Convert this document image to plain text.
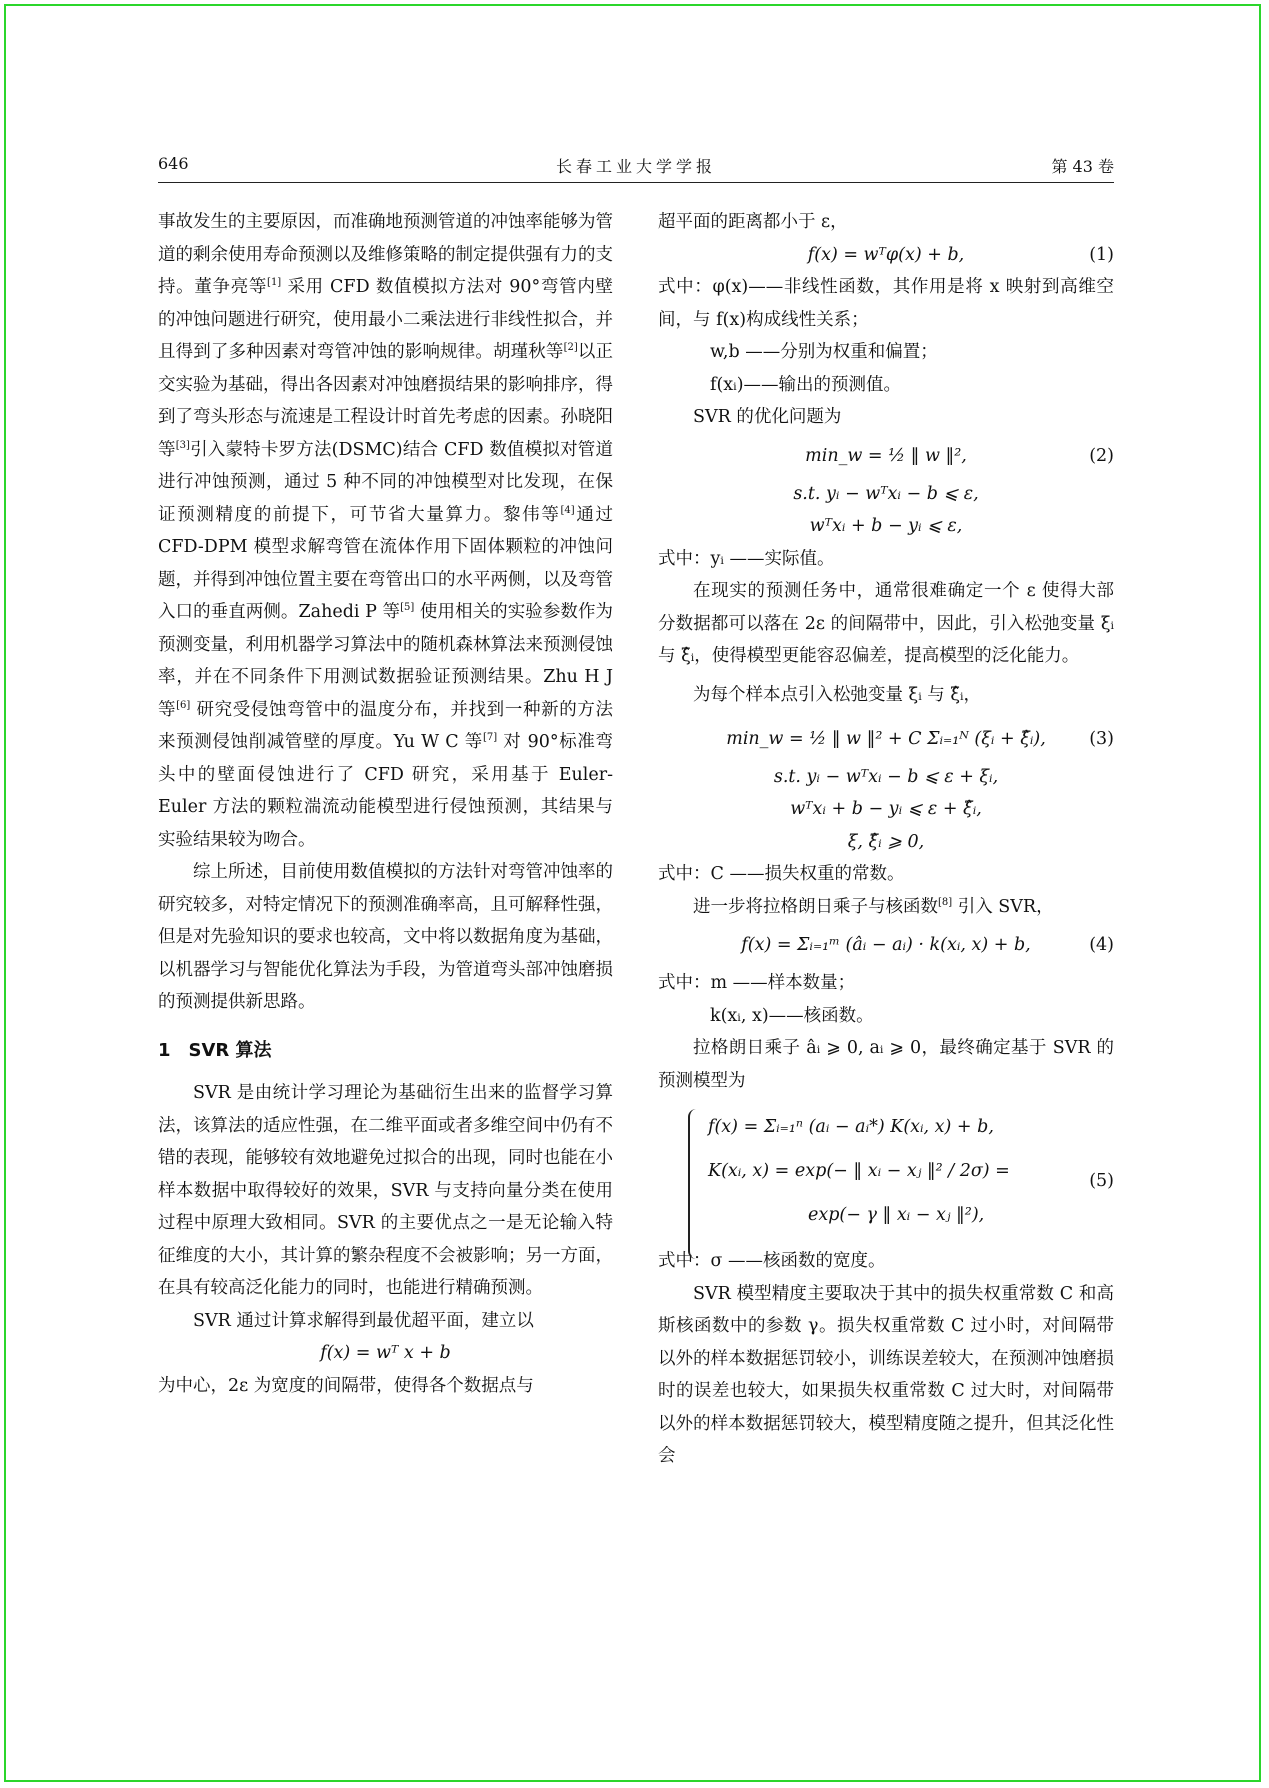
646	长春工业大学学报	第 43 卷

事故发生的主要原因，而准确地预测管道的冲蚀率能够为管道的剩余使用寿命预测以及维修策略的制定提供强有力的支持。董争亮等[1] 采用 CFD 数值模拟方法对 90°弯管内壁的冲蚀问题进行研究，使用最小二乘法进行非线性拟合，并且得到了多种因素对弯管冲蚀的影响规律。胡瑾秋等[2]以正交实验为基础，得出各因素对冲蚀磨损结果的影响排序，得到了弯头形态与流速是工程设计时首先考虑的因素。孙晓阳等[3]引入蒙特卡罗方法(DSMC)结合 CFD 数值模拟对管道进行冲蚀预测，通过 5 种不同的冲蚀模型对比发现，在保证预测精度的前提下，可节省大量算力。黎伟等[4]通过 CFD-DPM 模型求解弯管在流体作用下固体颗粒的冲蚀问题，并得到冲蚀位置主要在弯管出口的水平两侧，以及弯管入口的垂直两侧。Zahedi P 等[5] 使用相关的实验参数作为预测变量，利用机器学习算法中的随机森林算法来预测侵蚀率，并在不同条件下用测试数据验证预测结果。Zhu H J 等[6] 研究受侵蚀弯管中的温度分布，并找到一种新的方法来预测侵蚀削减管壁的厚度。Yu W C 等[7] 对 90°标准弯头中的壁面侵蚀进行了 CFD 研究，采用基于 Euler-Euler 方法的颗粒湍流动能模型进行侵蚀预测，其结果与实验结果较为吻合。

综上所述，目前使用数值模拟的方法针对弯管冲蚀率的研究较多，对特定情况下的预测准确率高，且可解释性强，但是对先验知识的要求也较高，文中将以数据角度为基础，以机器学习与智能优化算法为手段，为管道弯头部冲蚀磨损的预测提供新思路。

1　SVR 算法

SVR 是由统计学习理论为基础衍生出来的监督学习算法，该算法的适应性强，在二维平面或者多维空间中仍有不错的表现，能够较有效地避免过拟合的出现，同时也能在小样本数据中取得较好的效果，SVR 与支持向量分类在使用过程中原理大致相同。SVR 的主要优点之一是无论输入特征维度的大小，其计算的繁杂程度不会被影响；另一方面，在具有较高泛化能力的同时，也能进行精确预测。

SVR 通过计算求解得到最优超平面，建立以

f(x) = wᵀ x + b

为中心，2ε 为宽度的间隔带，使得各个数据点与

超平面的距离都小于 ε，

f(x) = wᵀφ(x) + b,	(1)

式中：φ(x)——非线性函数，其作用是将 x 映射到高维空间，与 f(x)构成线性关系；

w,b ——分别为权重和偏置；

f(xᵢ)——输出的预测值。

SVR 的优化问题为

min_w = ½ ‖ w ‖²,	(2)
s.t. yᵢ − wᵀxᵢ − b ⩽ ε,
wᵀxᵢ + b − yᵢ ⩽ ε,

式中：yᵢ ——实际值。

在现实的预测任务中，通常很难确定一个 ε 使得大部分数据都可以落在 2ε 的间隔带中，因此，引入松弛变量 ξᵢ 与 ξ̂ᵢ，使得模型更能容忍偏差，提高模型的泛化能力。

为每个样本点引入松弛变量 ξᵢ 与 ξ̂ᵢ，

min_w = ½ ‖ w ‖² + C Σᵢ₌₁ᴺ (ξᵢ + ξ̂ᵢ), (3)
s.t. yᵢ − wᵀxᵢ − b ⩽ ε + ξᵢ,
wᵀxᵢ + b − yᵢ ⩽ ε + ξ̂ᵢ,
ξ, ξ̂ᵢ ⩾ 0,

式中：C ——损失权重的常数。

进一步将拉格朗日乘子与核函数[8] 引入 SVR，

f(x) = Σᵢ₌₁ᵐ (âᵢ − aᵢ) · k(xᵢ, x) + b,	(4)

式中：m ——样本数量；

k(xᵢ, x)——核函数。

拉格朗日乘子 âᵢ ⩾ 0, aᵢ ⩾ 0，最终确定基于 SVR 的预测模型为

f(x) = Σᵢ₌₁ⁿ (aᵢ − aᵢ*) K(xᵢ, x) + b,
K(xᵢ, x) = exp(− ‖ xᵢ − xⱼ ‖² / 2σ) =
exp(− γ ‖ xᵢ − xⱼ ‖²),
(5)

式中：σ ——核函数的宽度。

SVR 模型精度主要取决于其中的损失权重常数 C 和高斯核函数中的参数 γ。损失权重常数 C 过小时，对间隔带以外的样本数据惩罚较小，训练误差较大，在预测冲蚀磨损时的误差也较大，如果损失权重常数 C 过大时，对间隔带以外的样本数据惩罚较大，模型精度随之提升，但其泛化性会
